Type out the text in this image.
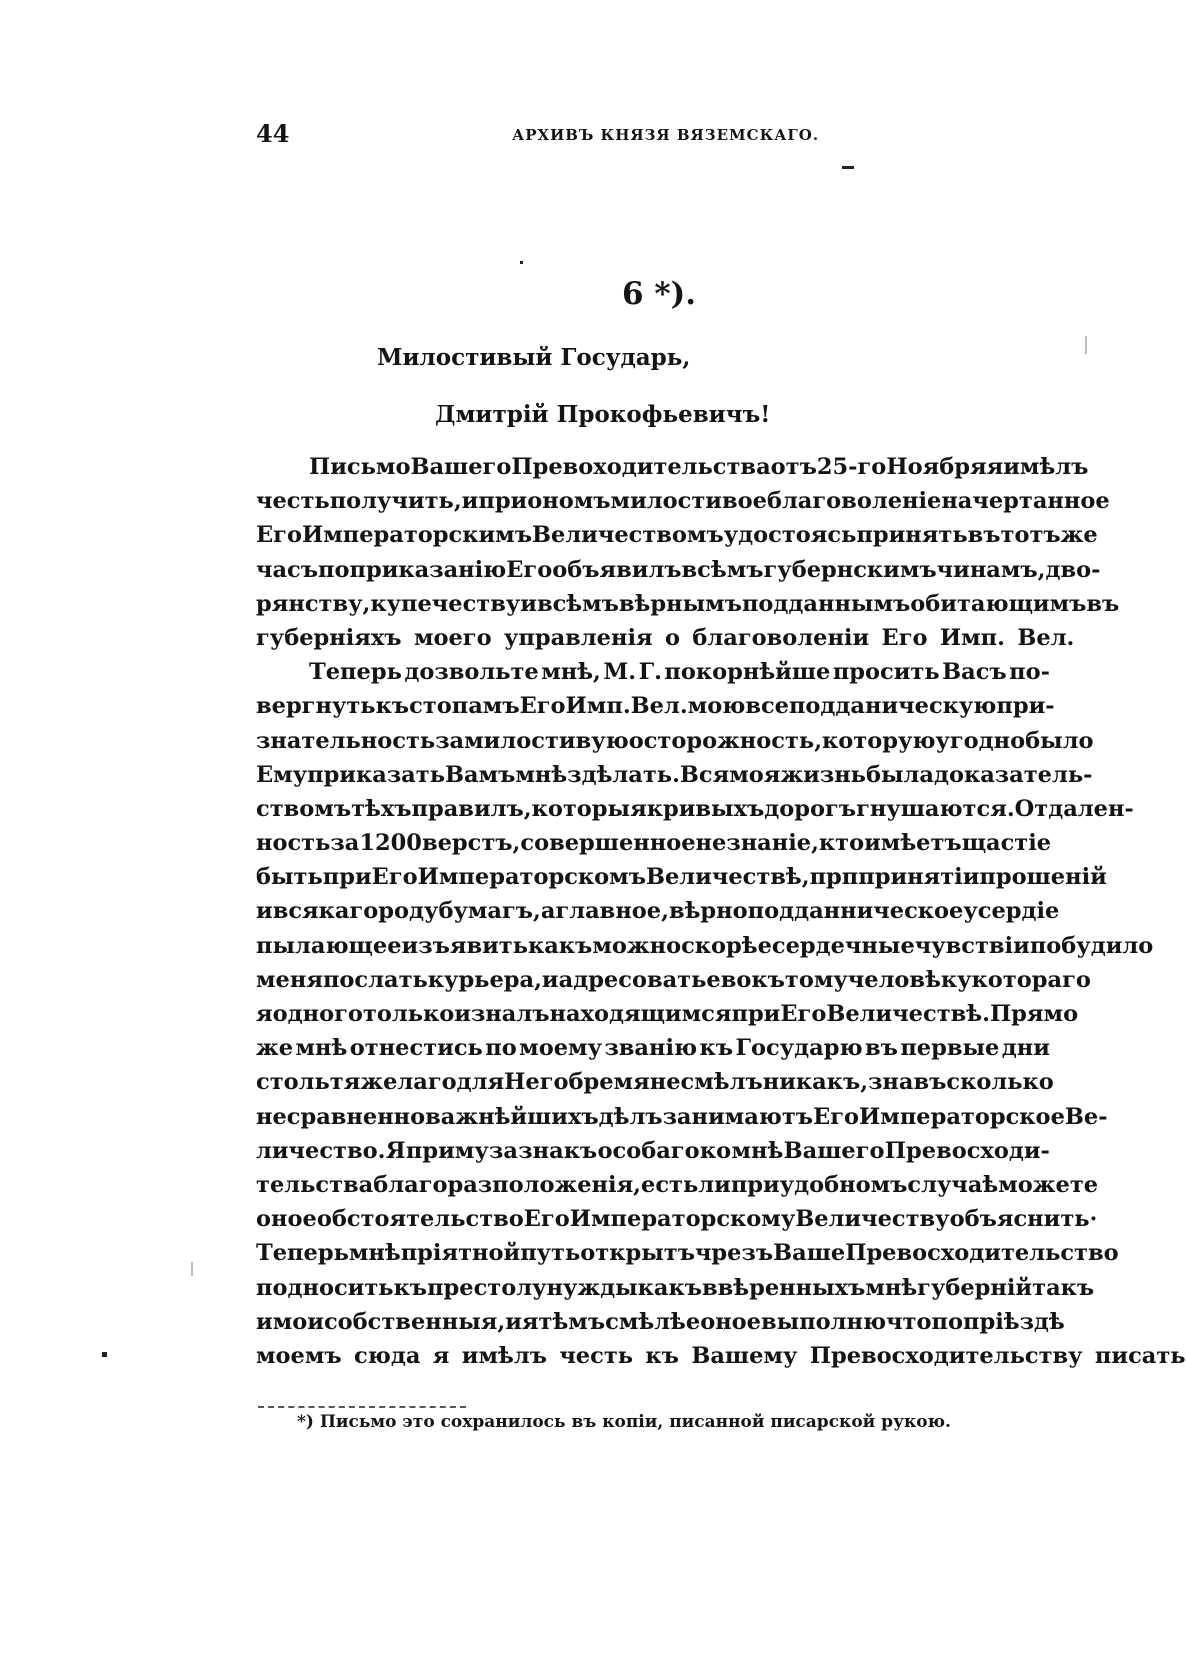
44	АРХИВЪ КНЯЗЯ ВЯЗЕМСКАГО.
6 *).
Милостивый Государь,
Дмитрій Прокофьевичъ!
Письмо Вашего Превоходительства отъ 25-го Ноября я имѣлъ
честь получить, и при ономъ милостивое благоволеніе начертанное
Его Императорскимъ Величествомъ удостоясь принять въ тотъ же
часъ по приказанію Его объявилъ всѣмъ губернскимъ чинамъ, дво-
рянству, купечеству и всѣмъ вѣрнымъ подданнымъ обитающимъ въ
губерніяхъ моего управленія о благоволеніи Его Имп. Вел.
Теперь дозвольте мнѣ, М. Г. покорнѣйше просить Васъ по-
вергнуть къ стопамъ Его Имп. Вел. мою всеподданическую при-
знательность за милостивую осторожность, которую угодно было
Ему приказать Вамъ мнѣ здѣлать. Вся моя жизнь была доказатель-
ствомъ тѣхъ правилъ, которыя кривыхъ дорогъ гнушаются. Отдален-
ность за 1200 верстъ, совершенное незнаніе, кто имѣетъ щастіе
быть при Его Императорскомъ Величествѣ, прп принятіи прошеній
и всякаго роду бумагъ, а главное, вѣрноподданническое усердіе
пылающее изъявить какъ можно скорѣе сердечные чувствіи побудило
меня послать курьера, и адресовать ево къ тому человѣку котораго
я одного только и зналъ находящимся при Его Величествѣ. Прямо
же мнѣ отнестись по моему званію къ Государю въ первые дни
столь тяжелаго для Него бремя не смѣлъ никакъ, знавъ сколько
несравненно важнѣйшихъ дѣлъ занимаютъ Его Императорское Ве-
личество. Я приму за знакъ особаго ко мнѣ Вашего Превосходи-
тельства благоразположенія, естьли при удобномъ случаѣ можете
оное обстоятельство Его Императорскому Величеству объяснить·
Теперь мнѣ пріятной путь открытъ чрезъ Ваше Превосходительство
подносить къ престолу нужды какъ ввѣренныхъ мнѣ губерній такъ
и мои собственныя, и я тѣмъ смѣлѣе оное выполню что по пріѣздѣ
моемъ сюда я имѣлъ честь къ Вашему Превосходительству писать
*) Письмо это сохранилось въ копіи, писанной писарской рукою.
